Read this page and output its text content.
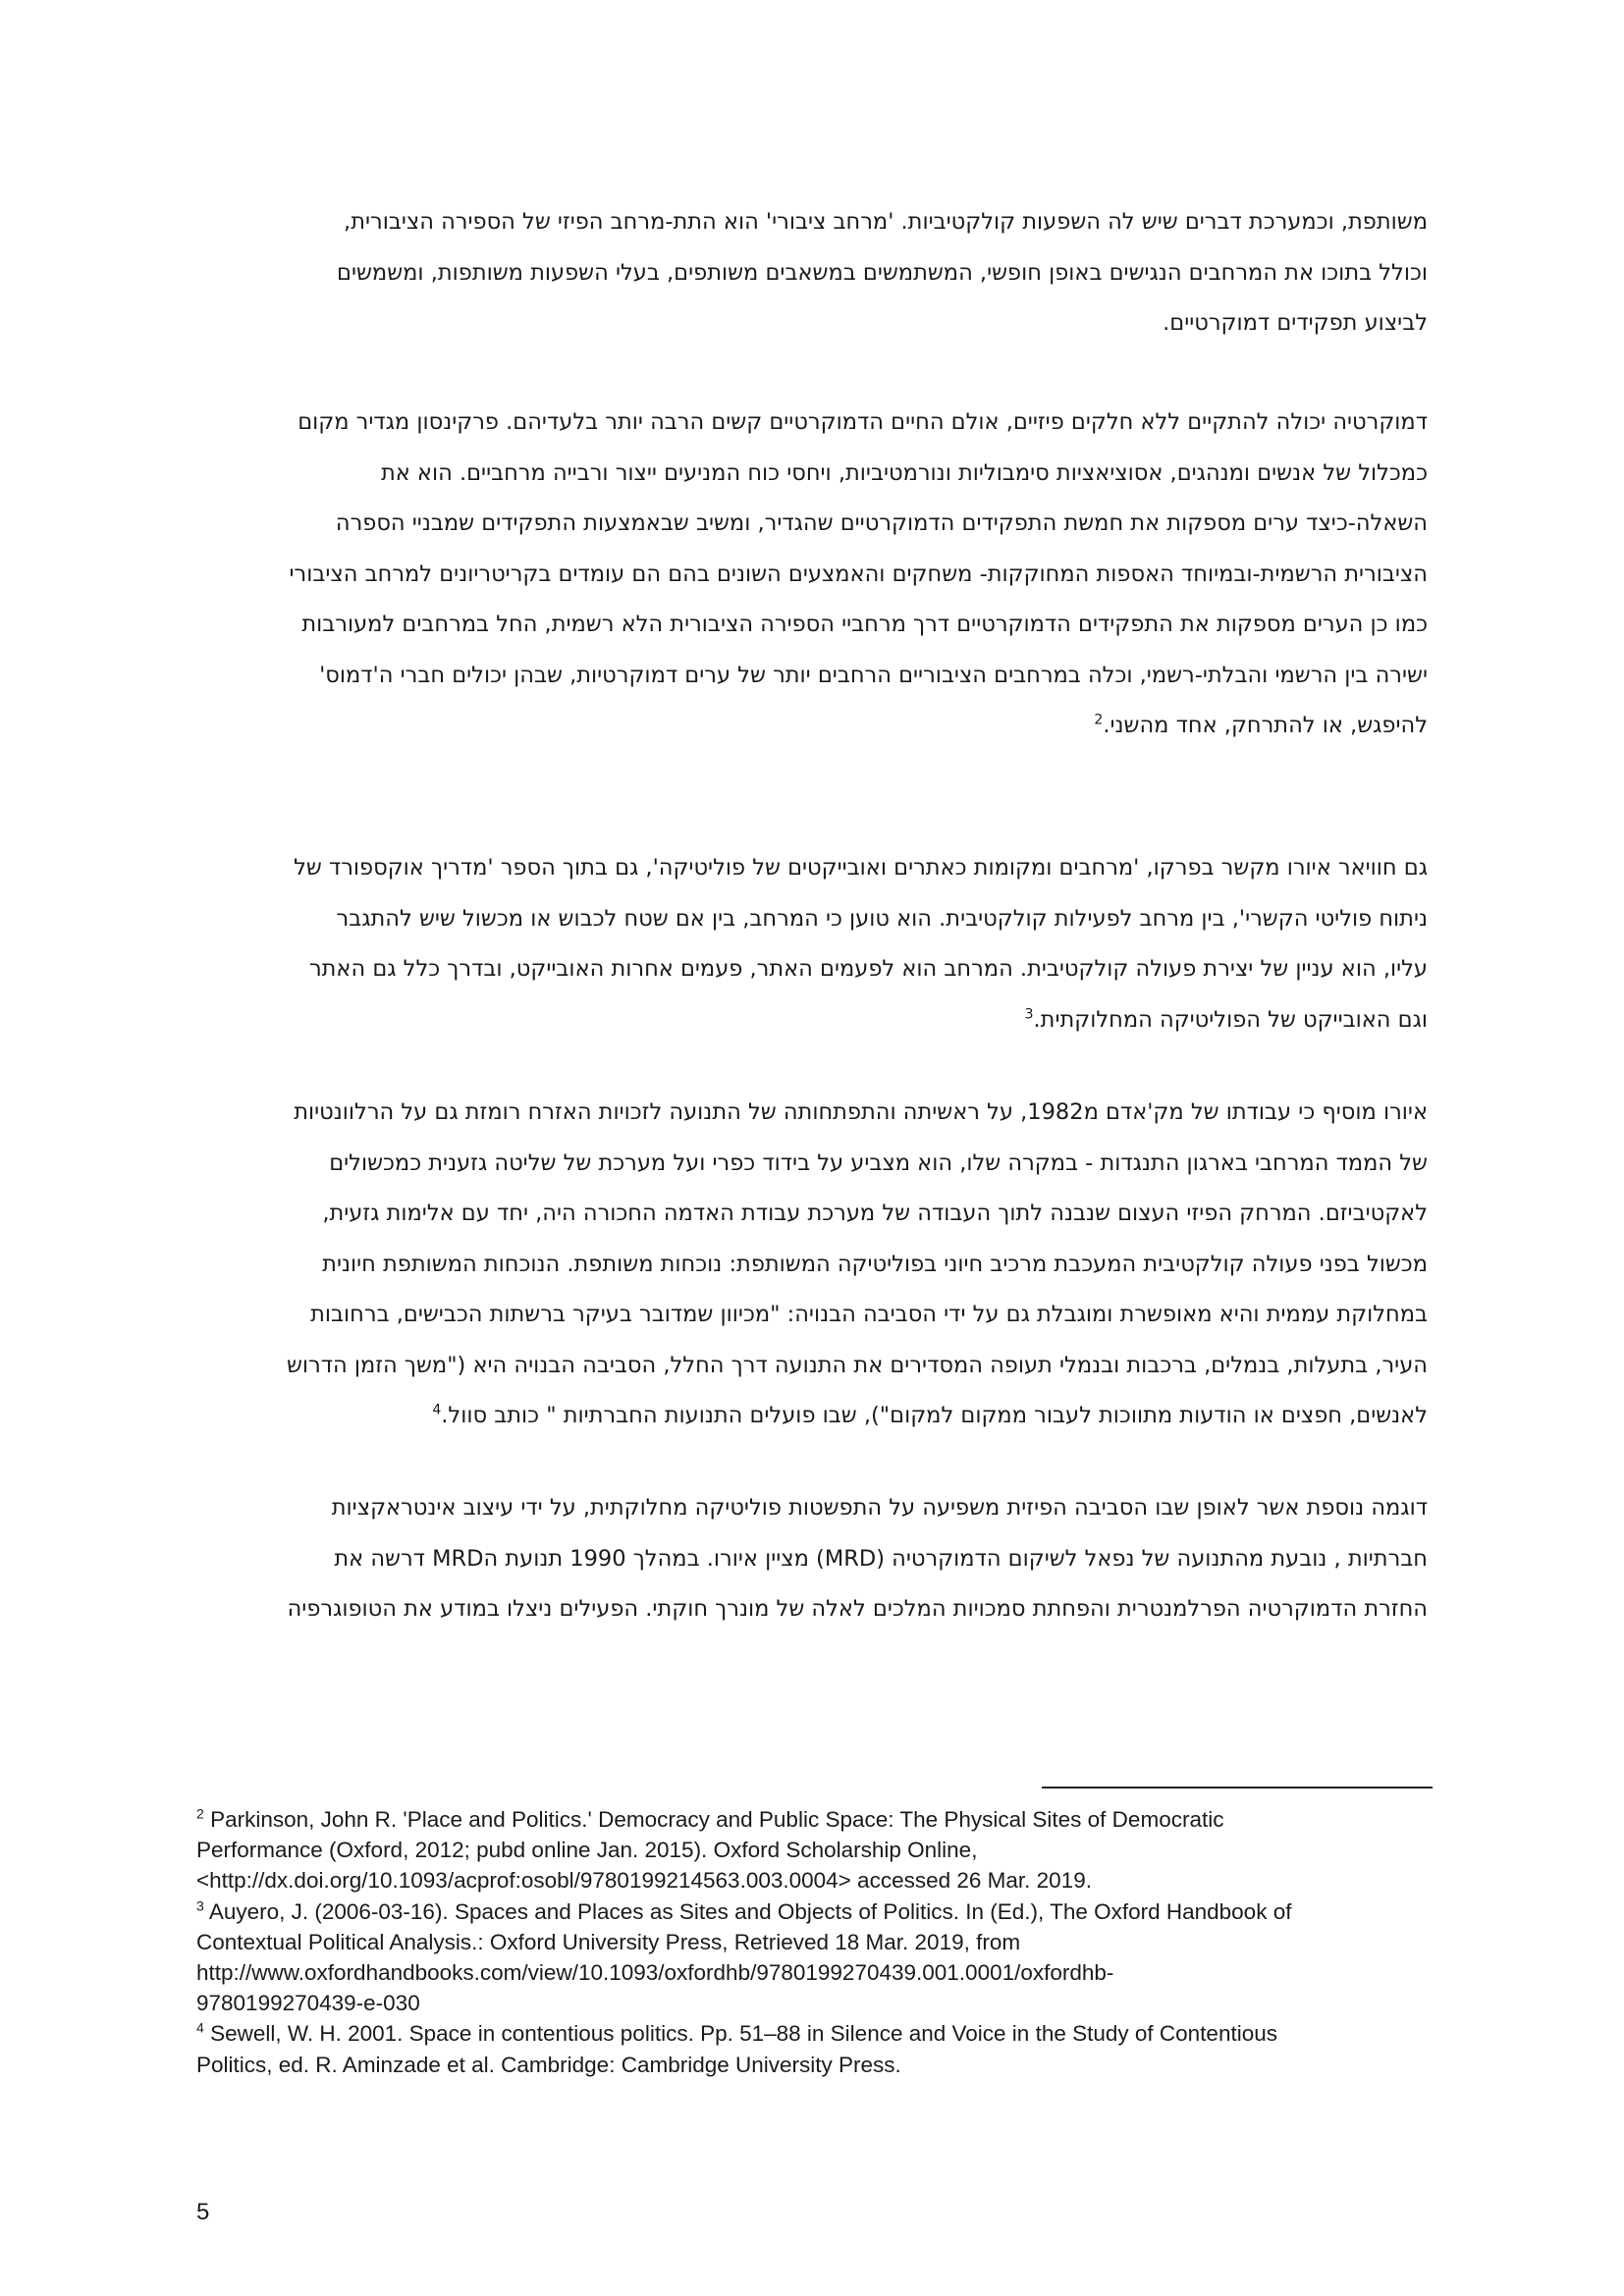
משותפת, וכמערכת דברים שיש לה השפעות קולקטיביות. 'מרחב ציבורי' הוא התת-מרחב הפיזי של הספירה הציבורית,
וכולל בתוכו את המרחבים הנגישים באופן חופשי, המשתמשים במשאבים משותפים, בעלי השפעות משותפות, ומשמשים
לביצוע תפקידים דמוקרטיים.
דמוקרטיה יכולה להתקיים ללא חלקים פיזיים, אולם החיים הדמוקרטיים קשים הרבה יותר בלעדיהם. פרקינסון מגדיר מקום
כמכלול של אנשים ומנהגים, אסוציאציות סימבוליות ונורמטיביות, ויחסי כוח המניעים ייצור ורבייה מרחביים. הוא את
השאלה-כיצד ערים מספקות את חמשת התפקידים הדמוקרטיים שהגדיר, ומשיב שבאמצעות התפקידים שמבניי הספרה
הציבורית הרשמית-ובמיוחד האספות המחוקקות- משחקים והאמצעים השונים בהם הם עומדים בקריטריונים למרחב הציבורי
כמו כן הערים מספקות את התפקידים הדמוקרטיים דרך מרחביי הספירה הציבורית הלא רשמית, החל במרחבים למעורבות
ישירה בין הרשמי והבלתי-רשמי, וכלה במרחבים הציבוריים הרחבים יותר של ערים דמוקרטיות, שבהן יכולים חברי ה'דמוס'
להיפגש, או להתרחק, אחד מהשני.$^2$
גם חוויאר איורו מקשר בפרקו, 'מרחבים ומקומות כאתרים ואובייקטים של פוליטיקה', גם בתוך הספר 'מדריך אוקספורד של
ניתוח פוליטי הקשרי', בין מרחב לפעילות קולקטיבית. הוא טוען כי המרחב, בין אם שטח לכבוש או מכשול שיש להתגבר
עליו, הוא עניין של יצירת פעולה קולקטיבית. המרחב הוא לפעמים האתר, פעמים אחרות האובייקט, ובדרך כלל גם האתר
וגם האובייקט של הפוליטיקה המחלוקתית.$^3$
איורו מוסיף כי עבודתו של מק'אדם מ1982, על ראשיתה והתפתחותה של התנועה לזכויות האזרח רומזת גם על הרלוונטיות
של הממד המרחבי בארגון התנגדות - במקרה שלו, הוא מצביע על בידוד כפרי ועל מערכת של שליטה גזענית כמכשולים
לאקטיביזם. המרחק הפיזי העצום שנבנה לתוך העבודה של מערכת עבודת האדמה החכורה היה, יחד עם אלימות גזעית,
מכשול בפני פעולה קולקטיבית המעכבת מרכיב חיוני בפוליטיקה המשותפת: נוכחות משותפת. הנוכחות המשותפת חיונית
במחלוקת עממית והיא מאופשרת ומוגבלת גם על ידי הסביבה הבנויה: "מכיוון שמדובר בעיקר ברשתות הכבישים, ברחובות
העיר, בתעלות, בנמלים, ברכבות ובנמלי תעופה המסדירים את התנועה דרך החלל, הסביבה הבנויה היא ("משך הזמן הדרוש
לאנשים, חפצים או הודעות מתווכות לעבור ממקום למקום"), שבו פועלים התנועות החברתיות " כותב סוול.$^4$
דוגמה נוספת אשר לאופן שבו הסביבה הפיזית משפיעה על התפשטות פוליטיקה מחלוקתית, על ידי עיצוב אינטראקציות
חברתיות , נובעת מהתנועה של נפאל לשיקום הדמוקרטיה (MRD) מציין איורו. במהלך 1990 תנועת הMRD דרשה את
החזרת הדמוקרטיה הפרלמנטרית והפחתת סמכויות המלכים לאלה של מונרך חוקתי. הפעילים ניצלו במודע את הטופוגרפיה
$^2$ Parkinson, John R. 'Place and Politics.' Democracy and Public Space: The Physical Sites of Democratic
Performance (Oxford, 2012; pubd online Jan. 2015). Oxford Scholarship Online,
<http://dx.doi.org/10.1093/acprof:osobl/9780199214563.003.0004> accessed 26 Mar. 2019.
$^3$ Auyero, J. (2006-03-16). Spaces and Places as Sites and Objects of Politics. In (Ed.), The Oxford Handbook of
Contextual Political Analysis.: Oxford University Press, Retrieved 18 Mar. 2019, from
http://www.oxfordhandbooks.com/view/10.1093/oxfordhb/9780199270439.001.0001/oxfordhb-
9780199270439-e-030
$^4$ Sewell, W. H. 2001. Space in contentious politics. Pp. 51–88 in Silence and Voice in the Study of Contentious
Politics, ed. R. Aminzade et al. Cambridge: Cambridge University Press.
5
